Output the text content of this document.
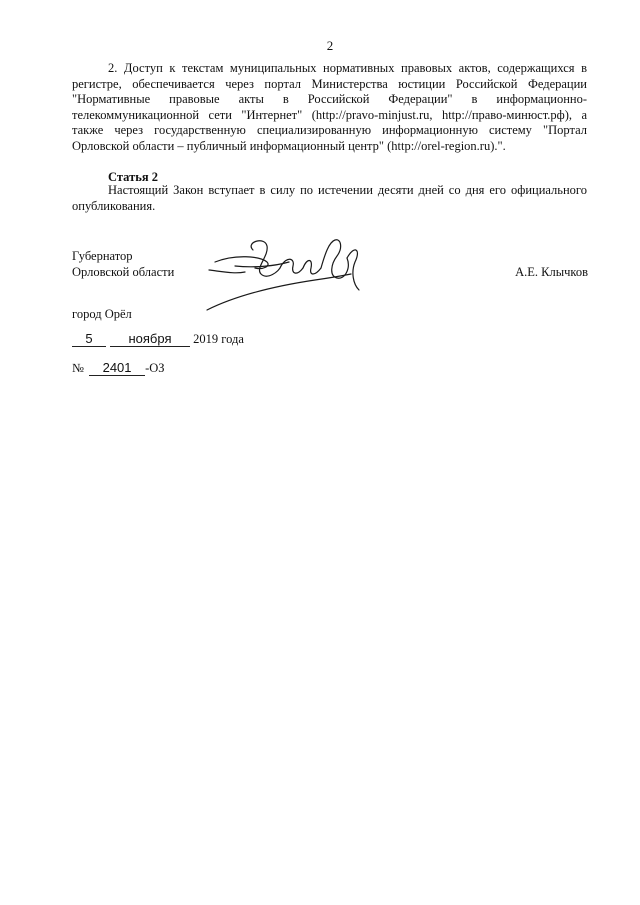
2
2. Доступ к текстам муниципальных нормативных правовых актов, содержащихся в
регистре, обеспечивается через портал Министерства юстиции Российской Федерации "Нормативные правовые акты в Российской Федерации" в информационно-телекоммуникационной сети "Интернет" (http://pravo-minjust.ru, http://право-минюст.рф), а также через государственную специализированную информационную систему "Портал Орловской области – публичный информационный центр" (http://orel-region.ru).".
Статья 2
Настоящий Закон вступает в силу по истечении десяти дней со дня его официального
опубликования.
Губернатор
Орловской области	А.Е. Клычков
город Орёл
5	ноября 2019 года
№ 2401 -ОЗ
